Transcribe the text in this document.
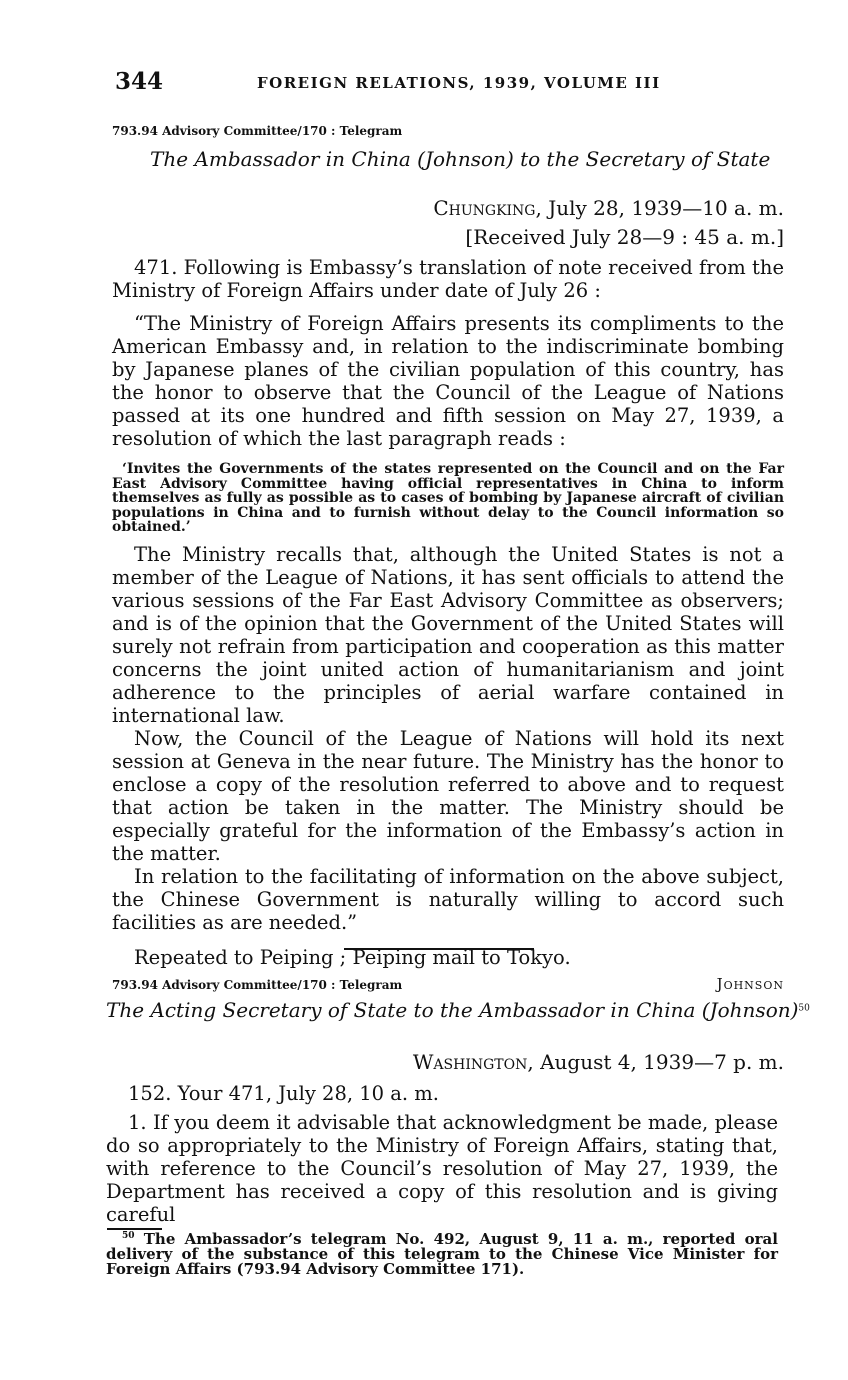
344	FOREIGN RELATIONS, 1939, VOLUME III
793.94 Advisory Committee/170 : Telegram
The Ambassador in China (Johnson) to the Secretary of State
Chungking, July 28, 1939—10 a. m.
[Received July 28—9 : 45 a. m.]

471. Following is Embassy’s translation of note received from the Ministry of Foreign Affairs under date of July 26 :

“The Ministry of Foreign Affairs presents its compliments to the American Embassy and, in relation to the indiscriminate bombing by Japanese planes of the civilian population of this country, has the honor to observe that the Council of the League of Nations passed at its one hundred and fifth session on May 27, 1939, a resolution of which the last paragraph reads :

‘Invites the Governments of the states represented on the Council and on the Far East Advisory Committee having official representatives in China to inform themselves as fully as possible as to cases of bombing by Japanese aircraft of civilian populations in China and to furnish without delay to the Council information so obtained.’

The Ministry recalls that, although the United States is not a member of the League of Nations, it has sent officials to attend the various sessions of the Far East Advisory Committee as observers; and is of the opinion that the Government of the United States will surely not refrain from participation and cooperation as this matter concerns the joint united action of humanitarianism and joint adherence to the principles of aerial warfare contained in international law.

Now, the Council of the League of Nations will hold its next session at Geneva in the near future. The Ministry has the honor to enclose a copy of the resolution referred to above and to request that action be taken in the matter. The Ministry should be especially grateful for the information of the Embassy’s action in the matter.

In relation to the facilitating of information on the above subject, the Chinese Government is naturally willing to accord such facilities as are needed.”

Repeated to Peiping ; Peiping mail to Tokyo.

Johnson
793.94 Advisory Committee/170 : Telegram
The Acting Secretary of State to the Ambassador in China (Johnson)$^{50}$
Washington, August 4, 1939—7 p. m.

152. Your 471, July 28, 10 a. m.

1. If you deem it advisable that acknowledgment be made, please do so appropriately to the Ministry of Foreign Affairs, stating that, with reference to the Council’s resolution of May 27, 1939, the Department has received a copy of this resolution and is giving careful

$^{50}$ The Ambassador’s telegram No. 492, August 9, 11 a. m., reported oral delivery of the substance of this telegram to the Chinese Vice Minister for Foreign Affairs (793.94 Advisory Committee 171).
